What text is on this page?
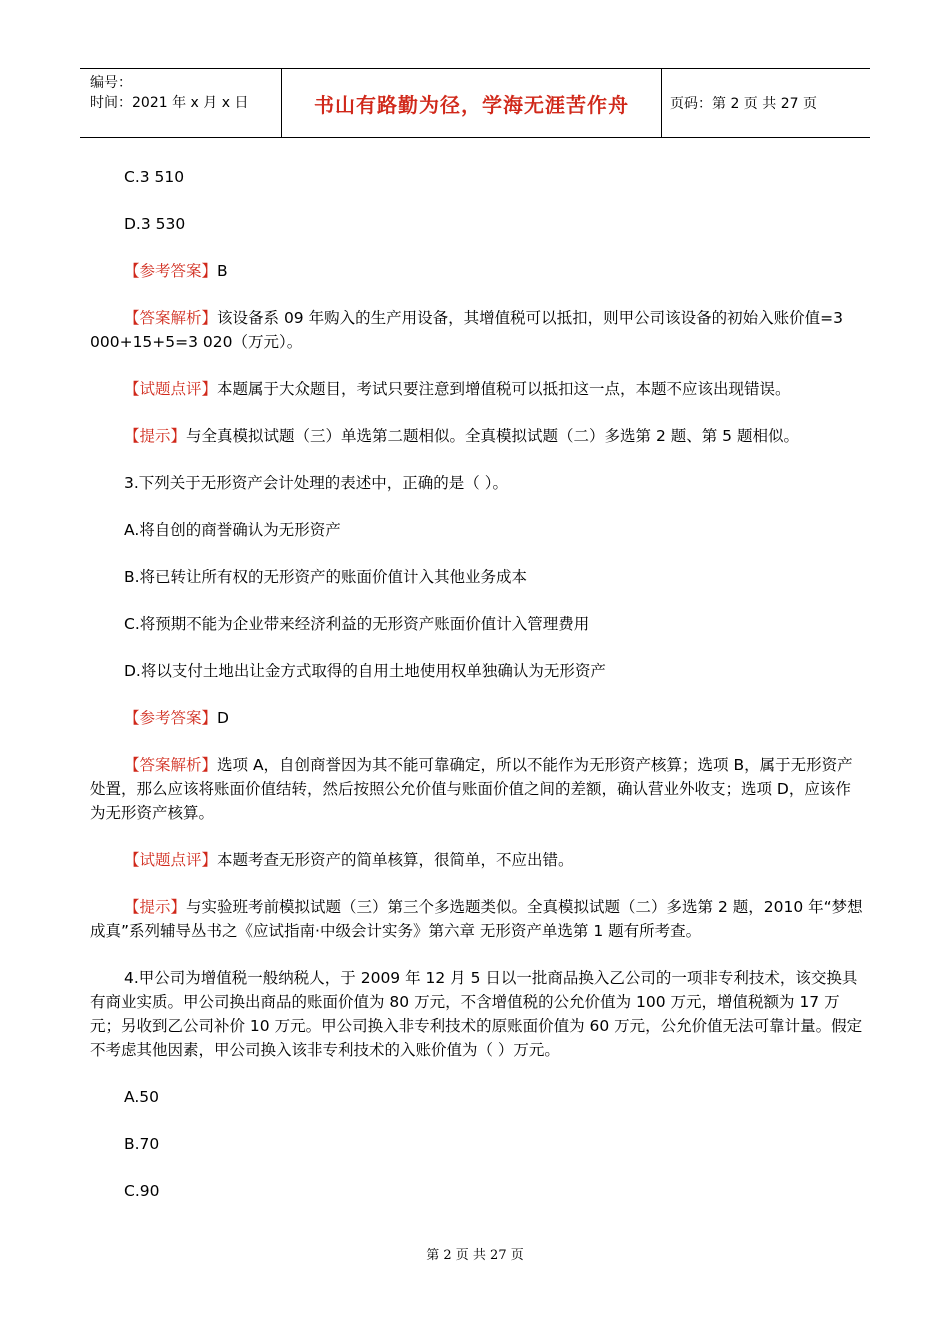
编号：
时间：2021 年 x 月 x 日	书山有路勤为径，学海无涯苦作舟	页码：第 2 页 共 27 页

C.3 510

D.3 530

【参考答案】B

【答案解析】该设备系 09 年购入的生产用设备，其增值税可以抵扣，则甲公司该设备的初始入账价值=3 000+15+5=3 020（万元）。

【试题点评】本题属于大众题目，考试只要注意到增值税可以抵扣这一点，本题不应该出现错误。

【提示】与全真模拟试题（三）单选第二题相似。全真模拟试题（二）多选第 2 题、第 5 题相似。

3.下列关于无形资产会计处理的表述中，正确的是（ ）。

A.将自创的商誉确认为无形资产

B.将已转让所有权的无形资产的账面价值计入其他业务成本

C.将预期不能为企业带来经济利益的无形资产账面价值计入管理费用

D.将以支付土地出让金方式取得的自用土地使用权单独确认为无形资产

【参考答案】D

【答案解析】选项 A，自创商誉因为其不能可靠确定，所以不能作为无形资产核算；选项 B，属于无形资产处置，那么应该将账面价值结转，然后按照公允价值与账面价值之间的差额，确认营业外收支；选项 D，应该作为无形资产核算。

【试题点评】本题考查无形资产的简单核算，很简单，不应出错。

【提示】与实验班考前模拟试题（三）第三个多选题类似。全真模拟试题（二）多选第 2 题，2010 年“梦想成真”系列辅导丛书之《应试指南·中级会计实务》第六章 无形资产单选第 1 题有所考查。

4.甲公司为增值税一般纳税人，于 2009 年 12 月 5 日以一批商品换入乙公司的一项非专利技术，该交换具有商业实质。甲公司换出商品的账面价值为 80 万元，不含增值税的公允价值为 100 万元，增值税额为 17 万元；另收到乙公司补价 10 万元。甲公司换入非专利技术的原账面价值为 60 万元，公允价值无法可靠计量。假定不考虑其他因素，甲公司换入该非专利技术的入账价值为（ ）万元。

A.50

B.70

C.90

第 2 页 共 27 页
